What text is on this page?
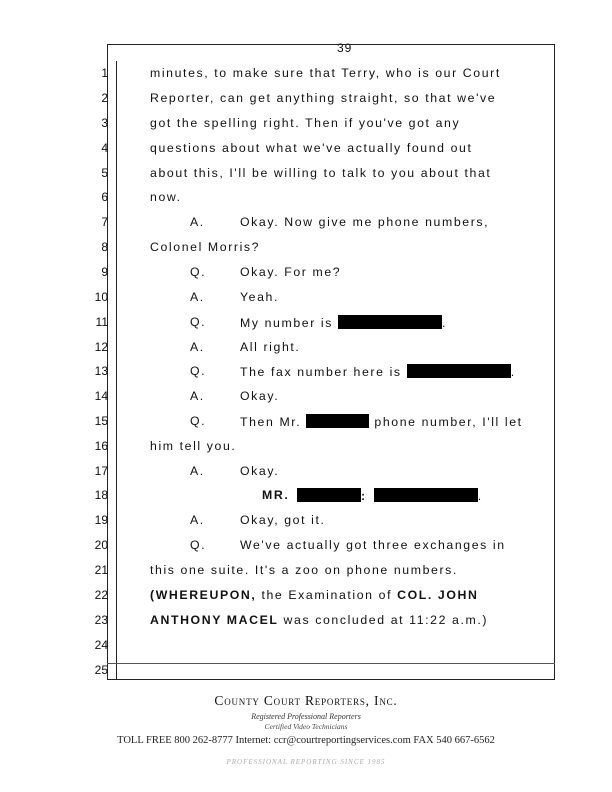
39
1
2
3
4
5
6
7
8
9
10
11
12
13
14
15
16
17
18
19
20
21
22
23
24
25
minutes, to make sure that Terry, who is our Court
Reporter, can get anything straight, so that we've
got the spelling right. Then if you've got any
questions about what we've actually found out
about this, I'll be willing to talk to you about that
now.
A.	Okay. Now give me phone numbers,
Colonel Morris?
Q.	Okay. For me?
A.	Yeah.
Q.	My number is	.
A.	All right.
Q.	The fax number here is	.
A.	Okay.
Q.	Then Mr.	phone number, I'll let
him tell you.
A.	Okay.
MR.	:	.
A.	Okay, got it.
Q.	We've actually got three exchanges in
this one suite. It's a zoo on phone numbers.
(WHEREUPON, the Examination of COL. JOHN
ANTHONY MACEL was concluded at 11:22 a.m.)
County Court Reporters, Inc.
Registered Professional Reporters
Certified Video Technicians
TOLL FREE 800 262-8777 Internet: ccr@courtreportingservices.com FAX 540 667-6562
PROFESSIONAL REPORTING SINCE 1985
